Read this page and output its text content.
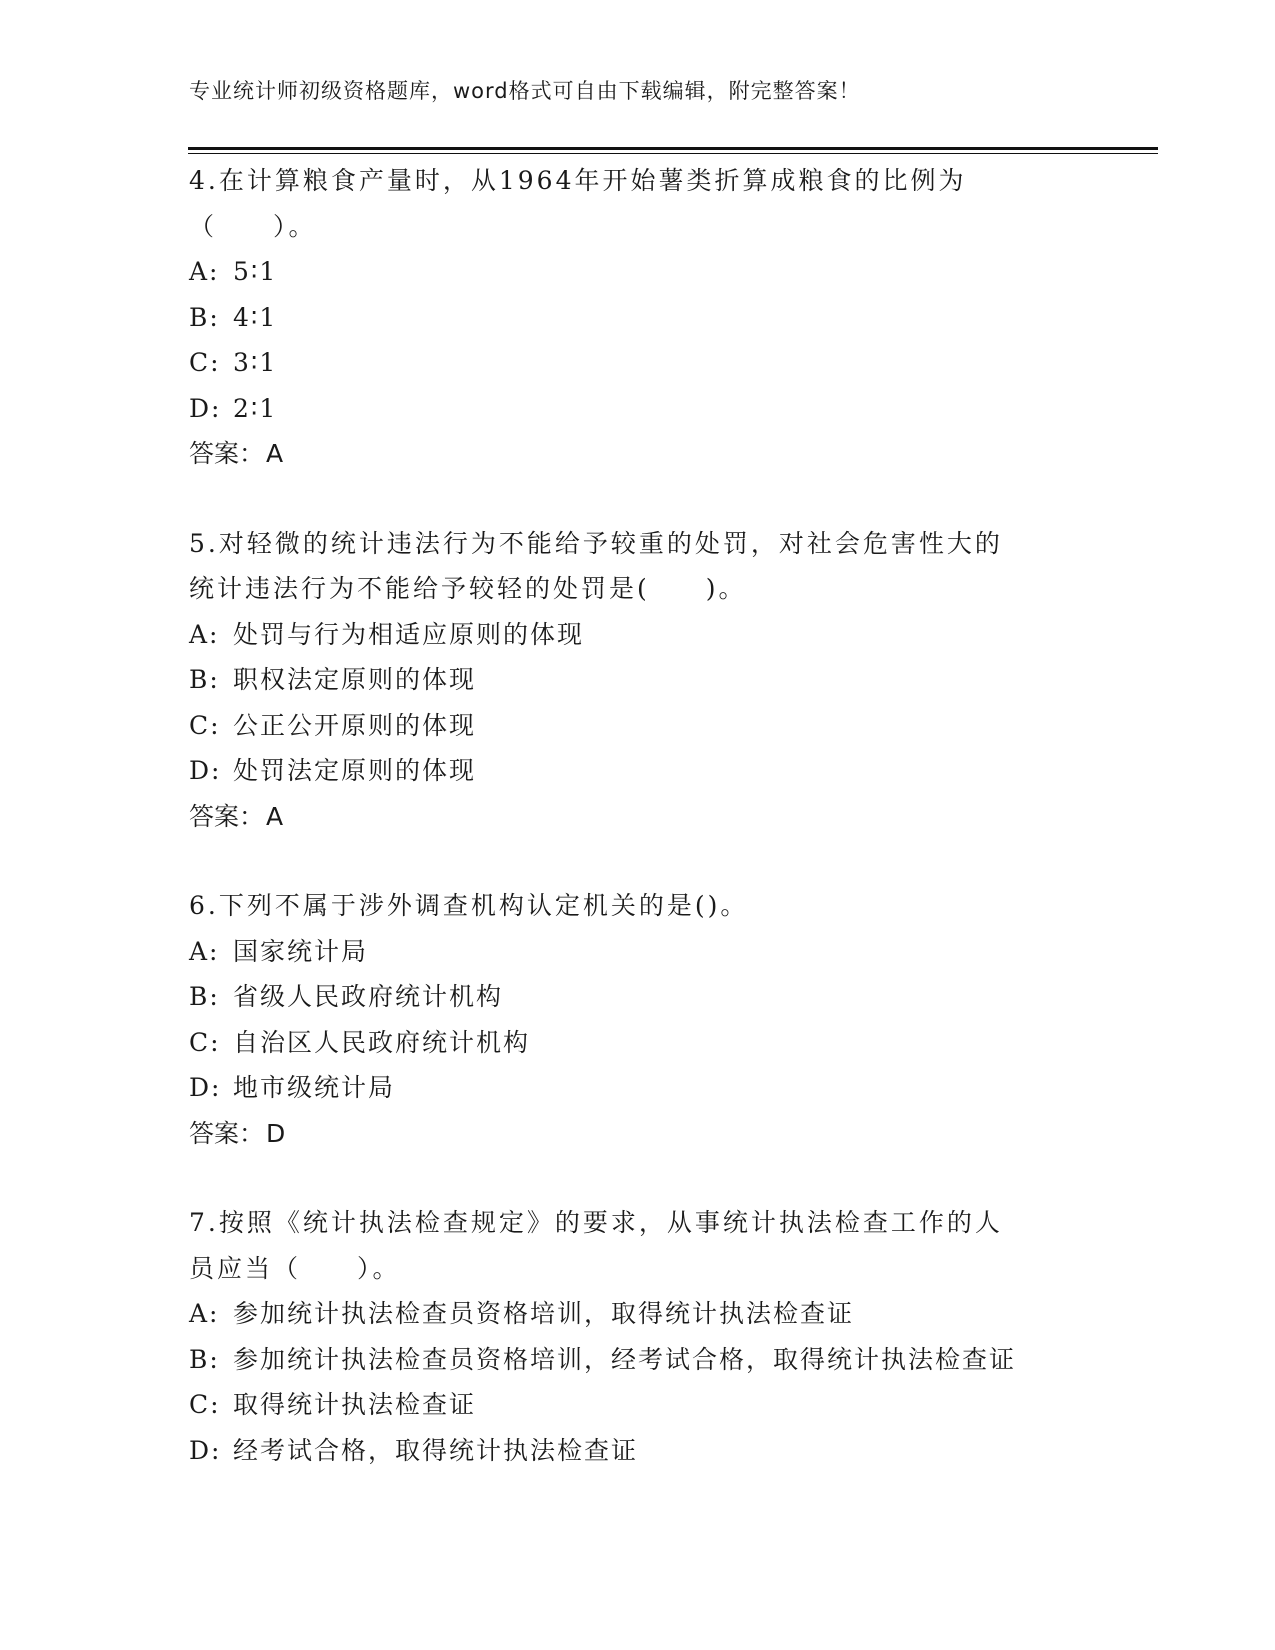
专业统计师初级资格题库，word格式可自由下载编辑，附完整答案！

4.在计算粮食产量时，从1964年开始薯类折算成粮食的比例为（　　）。

A: 5∶1
B: 4∶1
C: 3∶1
D: 2∶1
答案：A

5.对轻微的统计违法行为不能给予较重的处罚，对社会危害性大的统计违法行为不能给予较轻的处罚是(　　)。

A: 处罚与行为相适应原则的体现
B: 职权法定原则的体现
C: 公正公开原则的体现
D: 处罚法定原则的体现
答案：A

6.下列不属于涉外调查机构认定机关的是()。

A: 国家统计局
B: 省级人民政府统计机构
C: 自治区人民政府统计机构
D: 地市级统计局
答案：D

7.按照《统计执法检查规定》的要求，从事统计执法检查工作的人员应当（　　）。

A: 参加统计执法检查员资格培训，取得统计执法检查证
B: 参加统计执法检查员资格培训，经考试合格，取得统计执法检查证
C: 取得统计执法检查证
D: 经考试合格，取得统计执法检查证
